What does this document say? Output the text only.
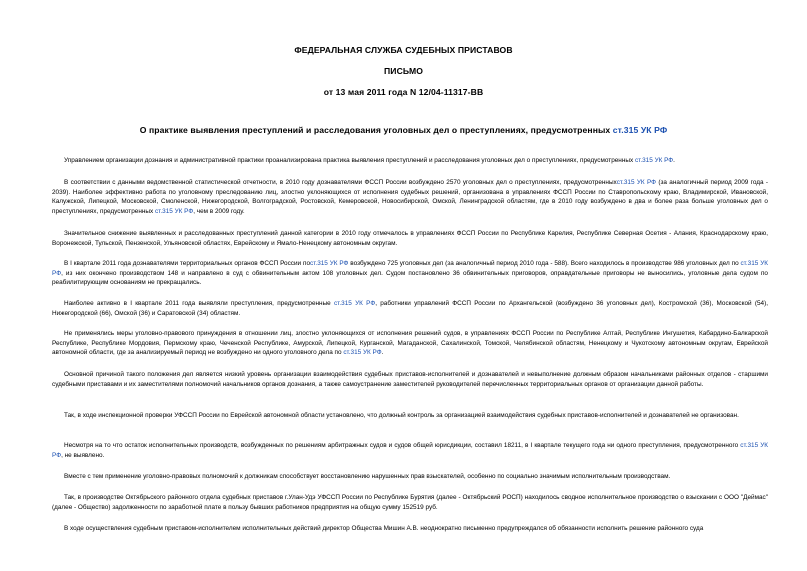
ФЕДЕРАЛЬНАЯ СЛУЖБА СУДЕБНЫХ ПРИСТАВОВ
ПИСЬМО
от 13 мая 2011 года N 12/04-11317-ВВ
О практике выявления преступлений и расследования уголовных дел о преступлениях, предусмотренных ст.315 УК РФ
Управлением организации дознания и административной практики проанализирована практика выявления преступлений и расследования уголовных дел о преступлениях, предусмотренных ст.315 УК РФ.
В соответствии с данными ведомственной статистической отчетности, в 2010 году дознавателями ФССП России возбуждено 2570 уголовных дел о преступлениях, предусмотренныхст.315 УК РФ (за аналогичный период 2009 года - 2039). Наиболее эффективно работа по уголовному преследованию лиц, злостно уклоняющихся от исполнения судебных решений, организована в управлениях ФССП России по Ставропольскому краю, Владимирской, Ивановской, Калужской, Липецкой, Московской, Смоленской, Нижегородской, Волгоградской, Ростовской, Кемеровской, Новосибирской, Омской, Ленинградской областям, где в 2010 году возбуждено в два и более раза больше уголовных дел о преступлениях, предусмотренных ст.315 УК РФ, чем в 2009 году.
Значительное снижение выявленных и расследованных преступлений данной категории в 2010 году отмечалось в управлениях ФССП России по Республике Карелия, Республике Северная Осетия - Алания, Краснодарскому краю, Воронежской, Тульской, Пензенской, Ульяновской областях, Еврейскому и Ямало-Ненецкому автономным округам.
В I квартале 2011 года дознавателями территориальных органов ФССП России пост.315 УК РФ возбуждено 725 уголовных дел (за аналогичный период 2010 года - 588). Всего находилось в производстве 986 уголовных дел по ст.315 УК РФ, из них окончено производством 148 и направлено в суд с обвинительным актом 108 уголовных дел. Судом постановлено 36 обвинительных приговоров, оправдательные приговоры не выносились, уголовные дела судом по реабилитирующим основаниям не прекращались.
Наиболее активно в I квартале 2011 года выявляли преступления, предусмотренные ст.315 УК РФ, работники управлений ФССП России по Архангельской (возбуждено 36 уголовных дел), Костромской (36), Московской (54), Нижегородской (66), Омской (36) и Саратовской (34) областям.
Не применялись меры уголовно-правового принуждения в отношении лиц, злостно уклоняющихся от исполнения решений судов, в управлениях ФССП России по Республике Алтай, Республике Ингушетия, Кабардино-Балкарской Республике, Республике Мордовия, Пермскому краю, Чеченской Республике, Амурской, Липецкой, Курганской, Магаданской, Сахалинской, Томской, Челябинской областям, Ненецкому и Чукотскому автономным округам, Еврейской автономной области, где за анализируемый период не возбуждено ни одного уголовного дела по ст.315 УК РФ.
Основной причиной такого положения дел является низкий уровень организации взаимодействия судебных приставов-исполнителей и дознавателей и невыполнение должным образом начальниками районных отделов - старшими судебными приставами и их заместителями полномочий начальников органов дознания, а также самоустранение заместителей руководителей перечисленных территориальных органов от организации данной работы.
Так, в ходе инспекционной проверки УФССП России по Еврейской автономной области установлено, что должный контроль за организацией взаимодействия судебных приставов-исполнителей и дознавателей не организован.
Несмотря на то что остаток исполнительных производств, возбужденных по решениям арбитражных судов и судов общей юрисдикции, составил 18211, в I квартале текущего года ни одного преступления, предусмотренного ст.315 УК РФ, не выявлено.
Вместе с тем применение уголовно-правовых полномочий к должникам способствует восстановлению нарушенных прав взыскателей, особенно по социально значимым исполнительным производствам.
Так, в производстве Октябрьского районного отдела судебных приставов г.Улан-Удэ УФССП России по Республике Бурятия (далее - Октябрьский РОСП) находилось сводное исполнительное производство о взыскании с ООО "Деймас" (далее - Общество) задолженности по заработной плате в пользу бывших работников предприятия на общую сумму 152519 руб.
В ходе осуществления судебным приставом-исполнителем исполнительных действий директор Общества Мишин А.В. неоднократно письменно предупреждался об обязанности исполнить решение районного суда
